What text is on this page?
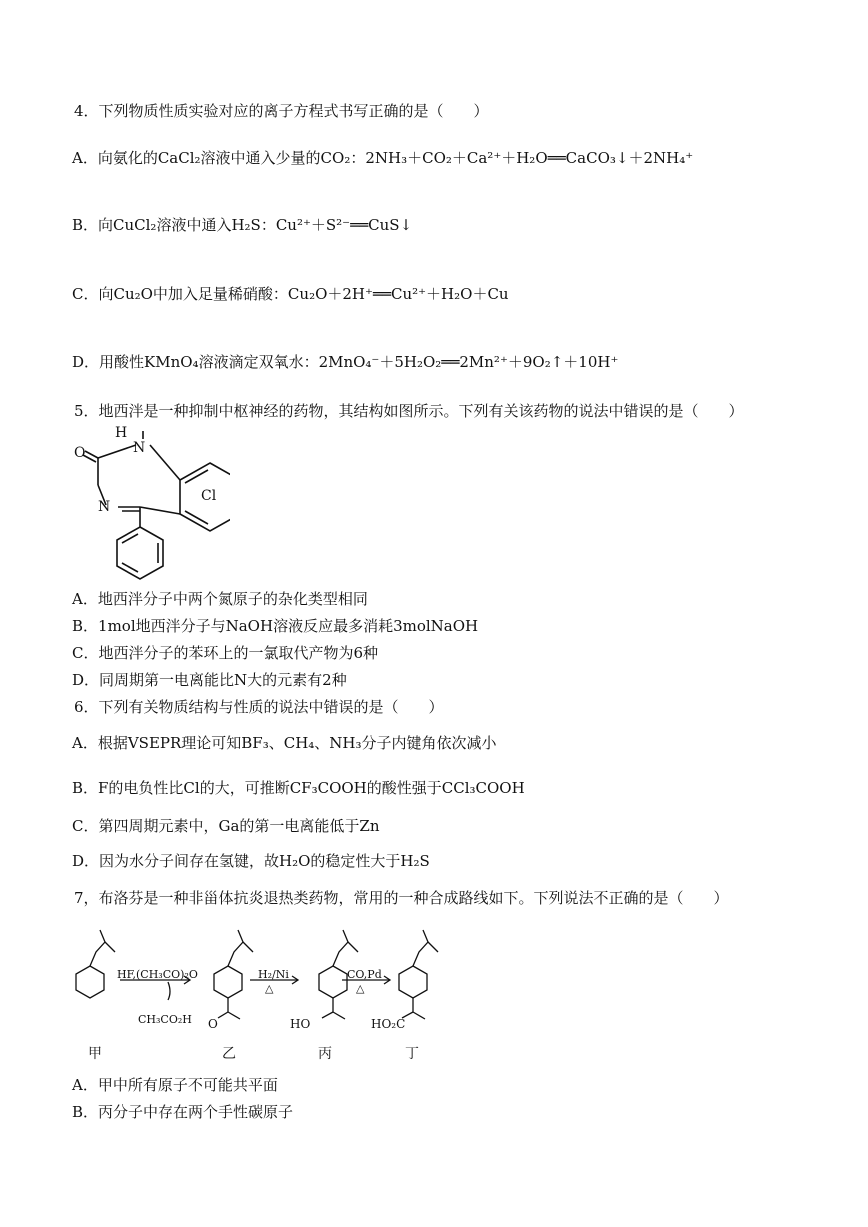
4．下列物质性质实验对应的离子方程式书写正确的是（　　）
A．向氨化的CaCl₂溶液中通入少量的CO₂：2NH₃＋CO₂＋Ca²⁺＋H₂O══CaCO₃↓＋2NH₄⁺
B．向CuCl₂溶液中通入H₂S：Cu²⁺＋S²⁻══CuS↓
C．向Cu₂O中加入足量稀硝酸：Cu₂O＋2H⁺══Cu²⁺＋H₂O＋Cu
D．用酸性KMnO₄溶液滴定双氧水：2MnO₄⁻＋5H₂O₂══2Mn²⁺＋9O₂↑＋10H⁺
5．地西泮是一种抑制中枢神经的药物，其结构如图所示。下列有关该药物的说法中错误的是（　　）
H
N
O
N
Cl
A．地西泮分子中两个氮原子的杂化类型相同
B．1mol地西泮分子与NaOH溶液反应最多消耗3molNaOH
C．地西泮分子的苯环上的一氯取代产物为6种
D．同周期第一电离能比N大的元素有2种
6．下列有关物质结构与性质的说法中错误的是（　　）
A．根据VSEPR理论可知BF₃、CH₄、NH₃分子内键角依次减小
B．F的电负性比Cl的大，可推断CF₃COOH的酸性强于CCl₃COOH
C．第四周期元素中，Ga的第一电离能低于Zn
D．因为水分子间存在氢键，故H₂O的稳定性大于H₂S
7，布洛芬是一种非甾体抗炎退热类药物，常用的一种合成路线如下。下列说法不正确的是（　　）
HF,(CH₃CO)₂O
CH₃CO₂H
H₂/Ni
△
CO,Pd
△
O	HO	HO₂C
甲	乙	丙	丁
A．甲中所有原子不可能共平面
B．丙分子中存在两个手性碳原子
